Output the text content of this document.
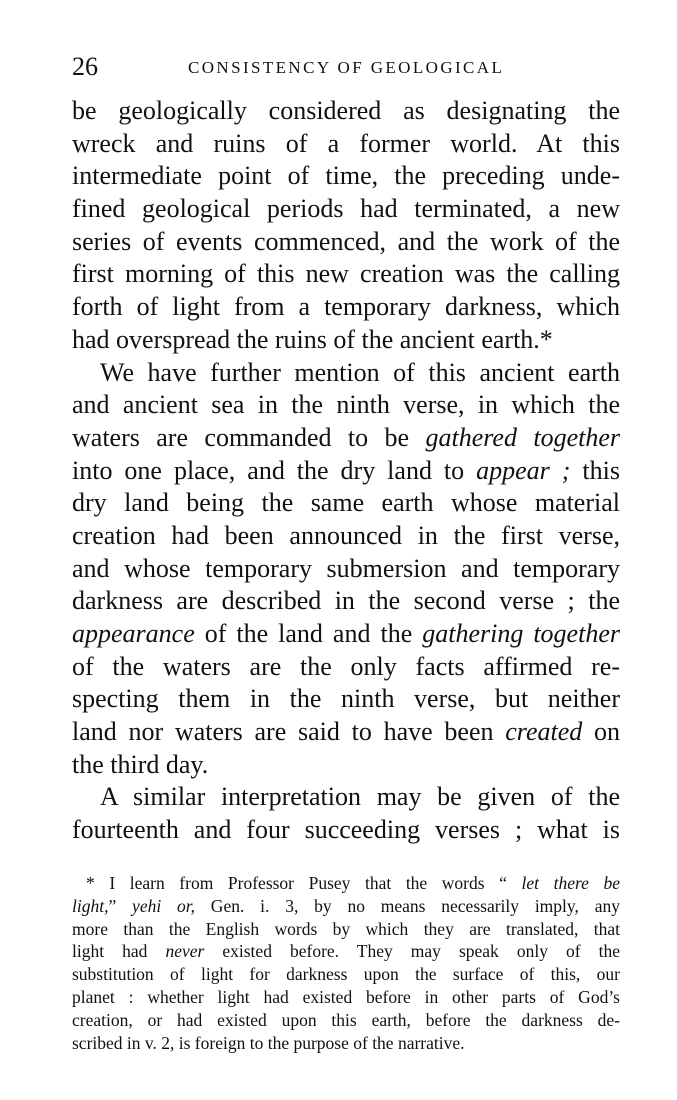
26	CONSISTENCY OF GEOLOGICAL
be geologically considered as designating the
wreck and ruins of a former world. At this
intermediate point of time, the preceding unde-
fined geological periods had terminated, a new
series of events commenced, and the work of the
first morning of this new creation was the calling
forth of light from a temporary darkness, which
had overspread the ruins of the ancient earth.*
We have further mention of this ancient earth
and ancient sea in the ninth verse, in which the
waters are commanded to be gathered together
into one place, and the dry land to appear ; this
dry land being the same earth whose material
creation had been announced in the first verse,
and whose temporary submersion and temporary
darkness are described in the second verse ; the
appearance of the land and the gathering together
of the waters are the only facts affirmed re-
specting them in the ninth verse, but neither
land nor waters are said to have been created on
the third day.
A similar interpretation may be given of the
fourteenth and four succeeding verses ; what is
* I learn from Professor Pusey that the words “ let there be
light,” yehi or, Gen. i. 3, by no means necessarily imply, any
more than the English words by which they are translated, that
light had never existed before. They may speak only of the
substitution of light for darkness upon the surface of this, our
planet : whether light had existed before in other parts of God’s
creation, or had existed upon this earth, before the darkness de-
scribed in v. 2, is foreign to the purpose of the narrative.
